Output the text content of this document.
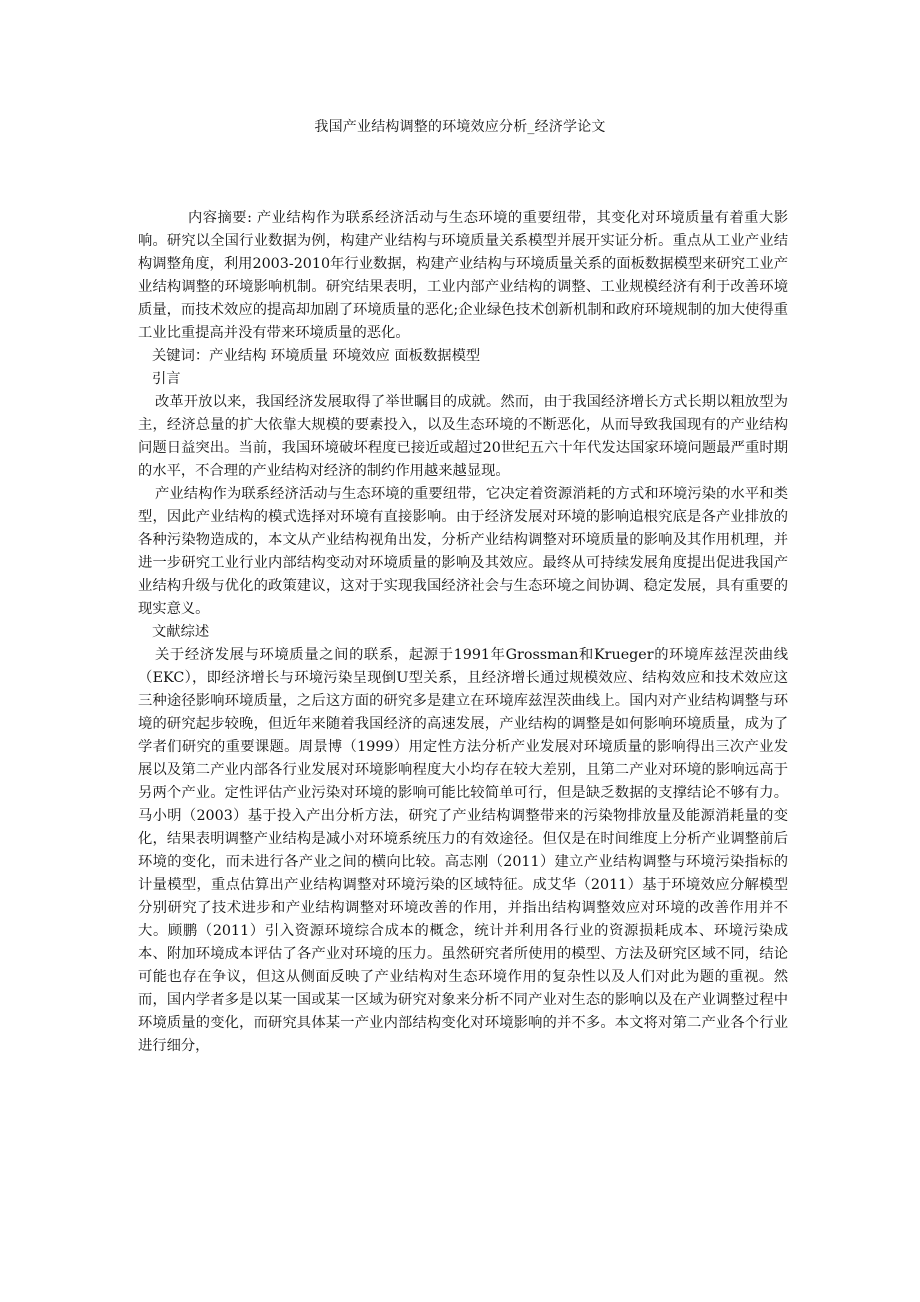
我国产业结构调整的环境效应分析_经济学论文

内容摘要: 产业结构作为联系经济活动与生态环境的重要纽带，其变化对环境质量有着重大影响。研究以全国行业数据为例，构建产业结构与环境质量关系模型并展开实证分析。重点从工业产业结构调整角度，利用2003-2010年行业数据，构建产业结构与环境质量关系的面板数据模型来研究工业产业结构调整的环境影响机制。研究结果表明，工业内部产业结构的调整、工业规模经济有利于改善环境质量，而技术效应的提高却加剧了环境质量的恶化;企业绿色技术创新机制和政府环境规制的加大使得重工业比重提高并没有带来环境质量的恶化。

关键词：产业结构 环境质量 环境效应 面板数据模型

引言

改革开放以来，我国经济发展取得了举世瞩目的成就。然而，由于我国经济增长方式长期以粗放型为主，经济总量的扩大依靠大规模的要素投入，以及生态环境的不断恶化，从而导致我国现有的产业结构问题日益突出。当前，我国环境破坏程度已接近或超过20世纪五六十年代发达国家环境问题最严重时期的水平，不合理的产业结构对经济的制约作用越来越显现。

产业结构作为联系经济活动与生态环境的重要纽带，它决定着资源消耗的方式和环境污染的水平和类型，因此产业结构的模式选择对环境有直接影响。由于经济发展对环境的影响追根究底是各产业排放的各种污染物造成的，本文从产业结构视角出发，分析产业结构调整对环境质量的影响及其作用机理，并进一步研究工业行业内部结构变动对环境质量的影响及其效应。最终从可持续发展角度提出促进我国产业结构升级与优化的政策建议，这对于实现我国经济社会与生态环境之间协调、稳定发展，具有重要的现实意义。

文献综述

关于经济发展与环境质量之间的联系，起源于1991年Grossman和Krueger的环境库兹涅茨曲线（EKC），即经济增长与环境污染呈现倒U型关系，且经济增长通过规模效应、结构效应和技术效应这三种途径影响环境质量，之后这方面的研究多是建立在环境库兹涅茨曲线上。国内对产业结构调整与环境的研究起步较晚，但近年来随着我国经济的高速发展，产业结构的调整是如何影响环境质量，成为了学者们研究的重要课题。周景博（1999）用定性方法分析产业发展对环境质量的影响得出三次产业发展以及第二产业内部各行业发展对环境影响程度大小均存在较大差别，且第二产业对环境的影响远高于另两个产业。定性评估产业污染对环境的影响可能比较简单可行，但是缺乏数据的支撑结论不够有力。马小明（2003）基于投入产出分析方法，研究了产业结构调整带来的污染物排放量及能源消耗量的变化，结果表明调整产业结构是减小对环境系统压力的有效途径。但仅是在时间维度上分析产业调整前后环境的变化，而未进行各产业之间的横向比较。高志刚（2011）建立产业结构调整与环境污染指标的计量模型，重点估算出产业结构调整对环境污染的区域特征。成艾华（2011）基于环境效应分解模型分别研究了技术进步和产业结构调整对环境改善的作用，并指出结构调整效应对环境的改善作用并不大。顾鹏（2011）引入资源环境综合成本的概念，统计并利用各行业的资源损耗成本、环境污染成本、附加环境成本评估了各产业对环境的压力。虽然研究者所使用的模型、方法及研究区域不同，结论可能也存在争议，但这从侧面反映了产业结构对生态环境作用的复杂性以及人们对此为题的重视。然而，国内学者多是以某一国或某一区域为研究对象来分析不同产业对生态的影响以及在产业调整过程中环境质量的变化，而研究具体某一产业内部结构变化对环境影响的并不多。本文将对第二产业各个行业进行细分，
